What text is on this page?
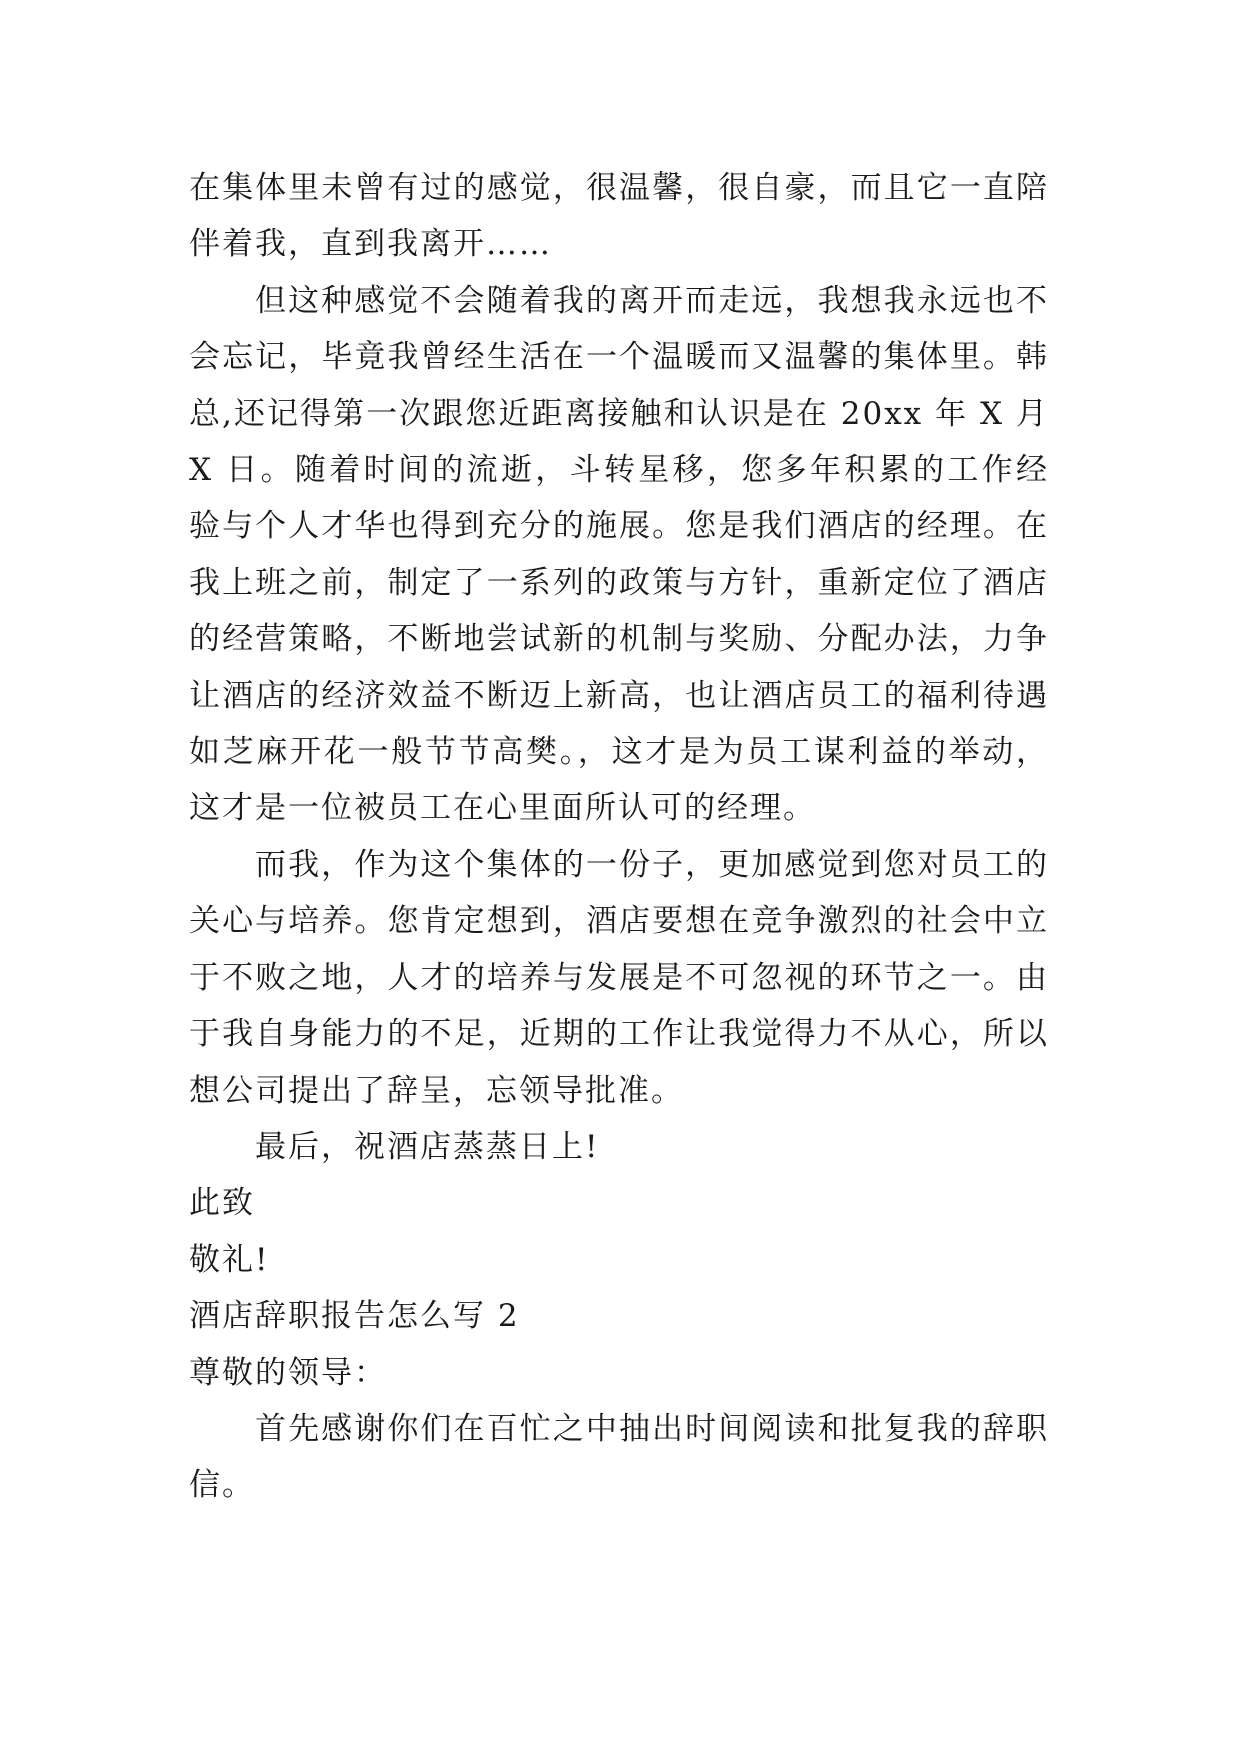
在集体里未曾有过的感觉，很温馨，很自豪，而且它一直陪伴着我，直到我离开……

但这种感觉不会随着我的离开而走远，我想我永远也不会忘记，毕竟我曾经生活在一个温暖而又温馨的集体里。韩总,还记得第一次跟您近距离接触和认识是在 20xx 年 X 月 X 日。随着时间的流逝，斗转星移，您多年积累的工作经验与个人才华也得到充分的施展。您是我们酒店的经理。在我上班之前，制定了一系列的政策与方针，重新定位了酒店的经营策略，不断地尝试新的机制与奖励、分配办法，力争让酒店的经济效益不断迈上新高，也让酒店员工的福利待遇如芝麻开花一般节节高樊。，这才是为员工谋利益的举动，这才是一位被员工在心里面所认可的经理。

而我，作为这个集体的一份子，更加感觉到您对员工的关心与培养。您肯定想到，酒店要想在竞争激烈的社会中立于不败之地，人才的培养与发展是不可忽视的环节之一。由于我自身能力的不足，近期的工作让我觉得力不从心，所以想公司提出了辞呈，忘领导批准。

最后，祝酒店蒸蒸日上!

此致

敬礼!

酒店辞职报告怎么写 2

尊敬的领导：

首先感谢你们在百忙之中抽出时间阅读和批复我的辞职信。
